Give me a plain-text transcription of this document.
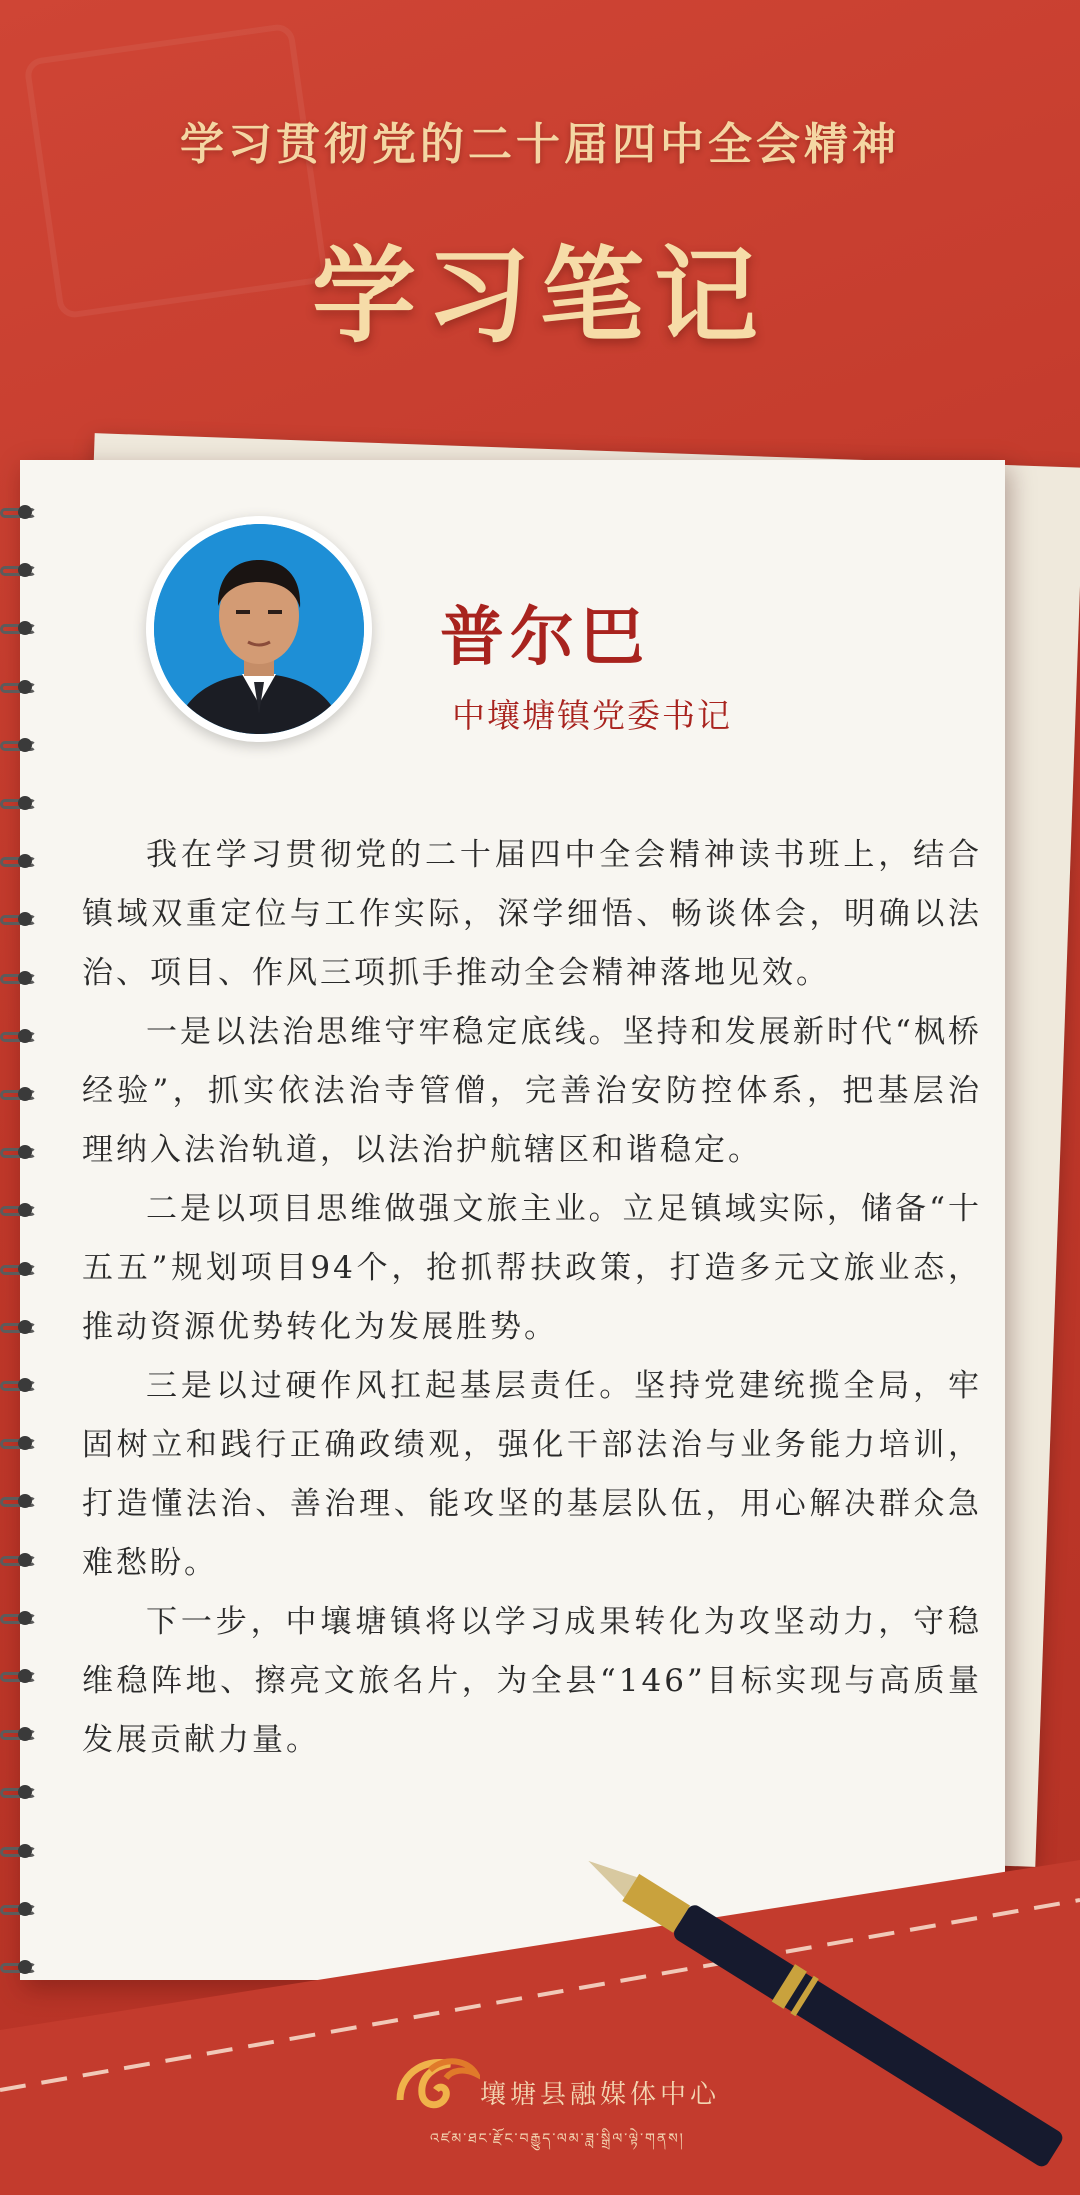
学习贯彻党的二十届四中全会精神
学习笔记
普尔巴
中壤塘镇党委书记

我在学习贯彻党的二十届四中全会精神读书班上，结合镇域双重定位与工作实际，深学细悟、畅谈体会，明确以法治、项目、作风三项抓手推动全会精神落地见效。

一是以法治思维守牢稳定底线。坚持和发展新时代“枫桥经验”，抓实依法治寺管僧，完善治安防控体系，把基层治理纳入法治轨道，以法治护航辖区和谐稳定。

二是以项目思维做强文旅主业。立足镇域实际，储备“十五五”规划项目94个，抢抓帮扶政策，打造多元文旅业态，推动资源优势转化为发展胜势。

三是以过硬作风扛起基层责任。坚持党建统揽全局，牢固树立和践行正确政绩观，强化干部法治与业务能力培训，打造懂法治、善治理、能攻坚的基层队伍，用心解决群众急难愁盼。

下一步，中壤塘镇将以学习成果转化为攻坚动力，守稳维稳阵地、擦亮文旅名片，为全县“146”目标实现与高质量发展贡献力量。

壤塘县融媒体中心
འཛམ་ཐང་རྫོང་བརྒྱུད་ལམ་ཟླ་སྒྲིལ་ལྟེ་གནས།
